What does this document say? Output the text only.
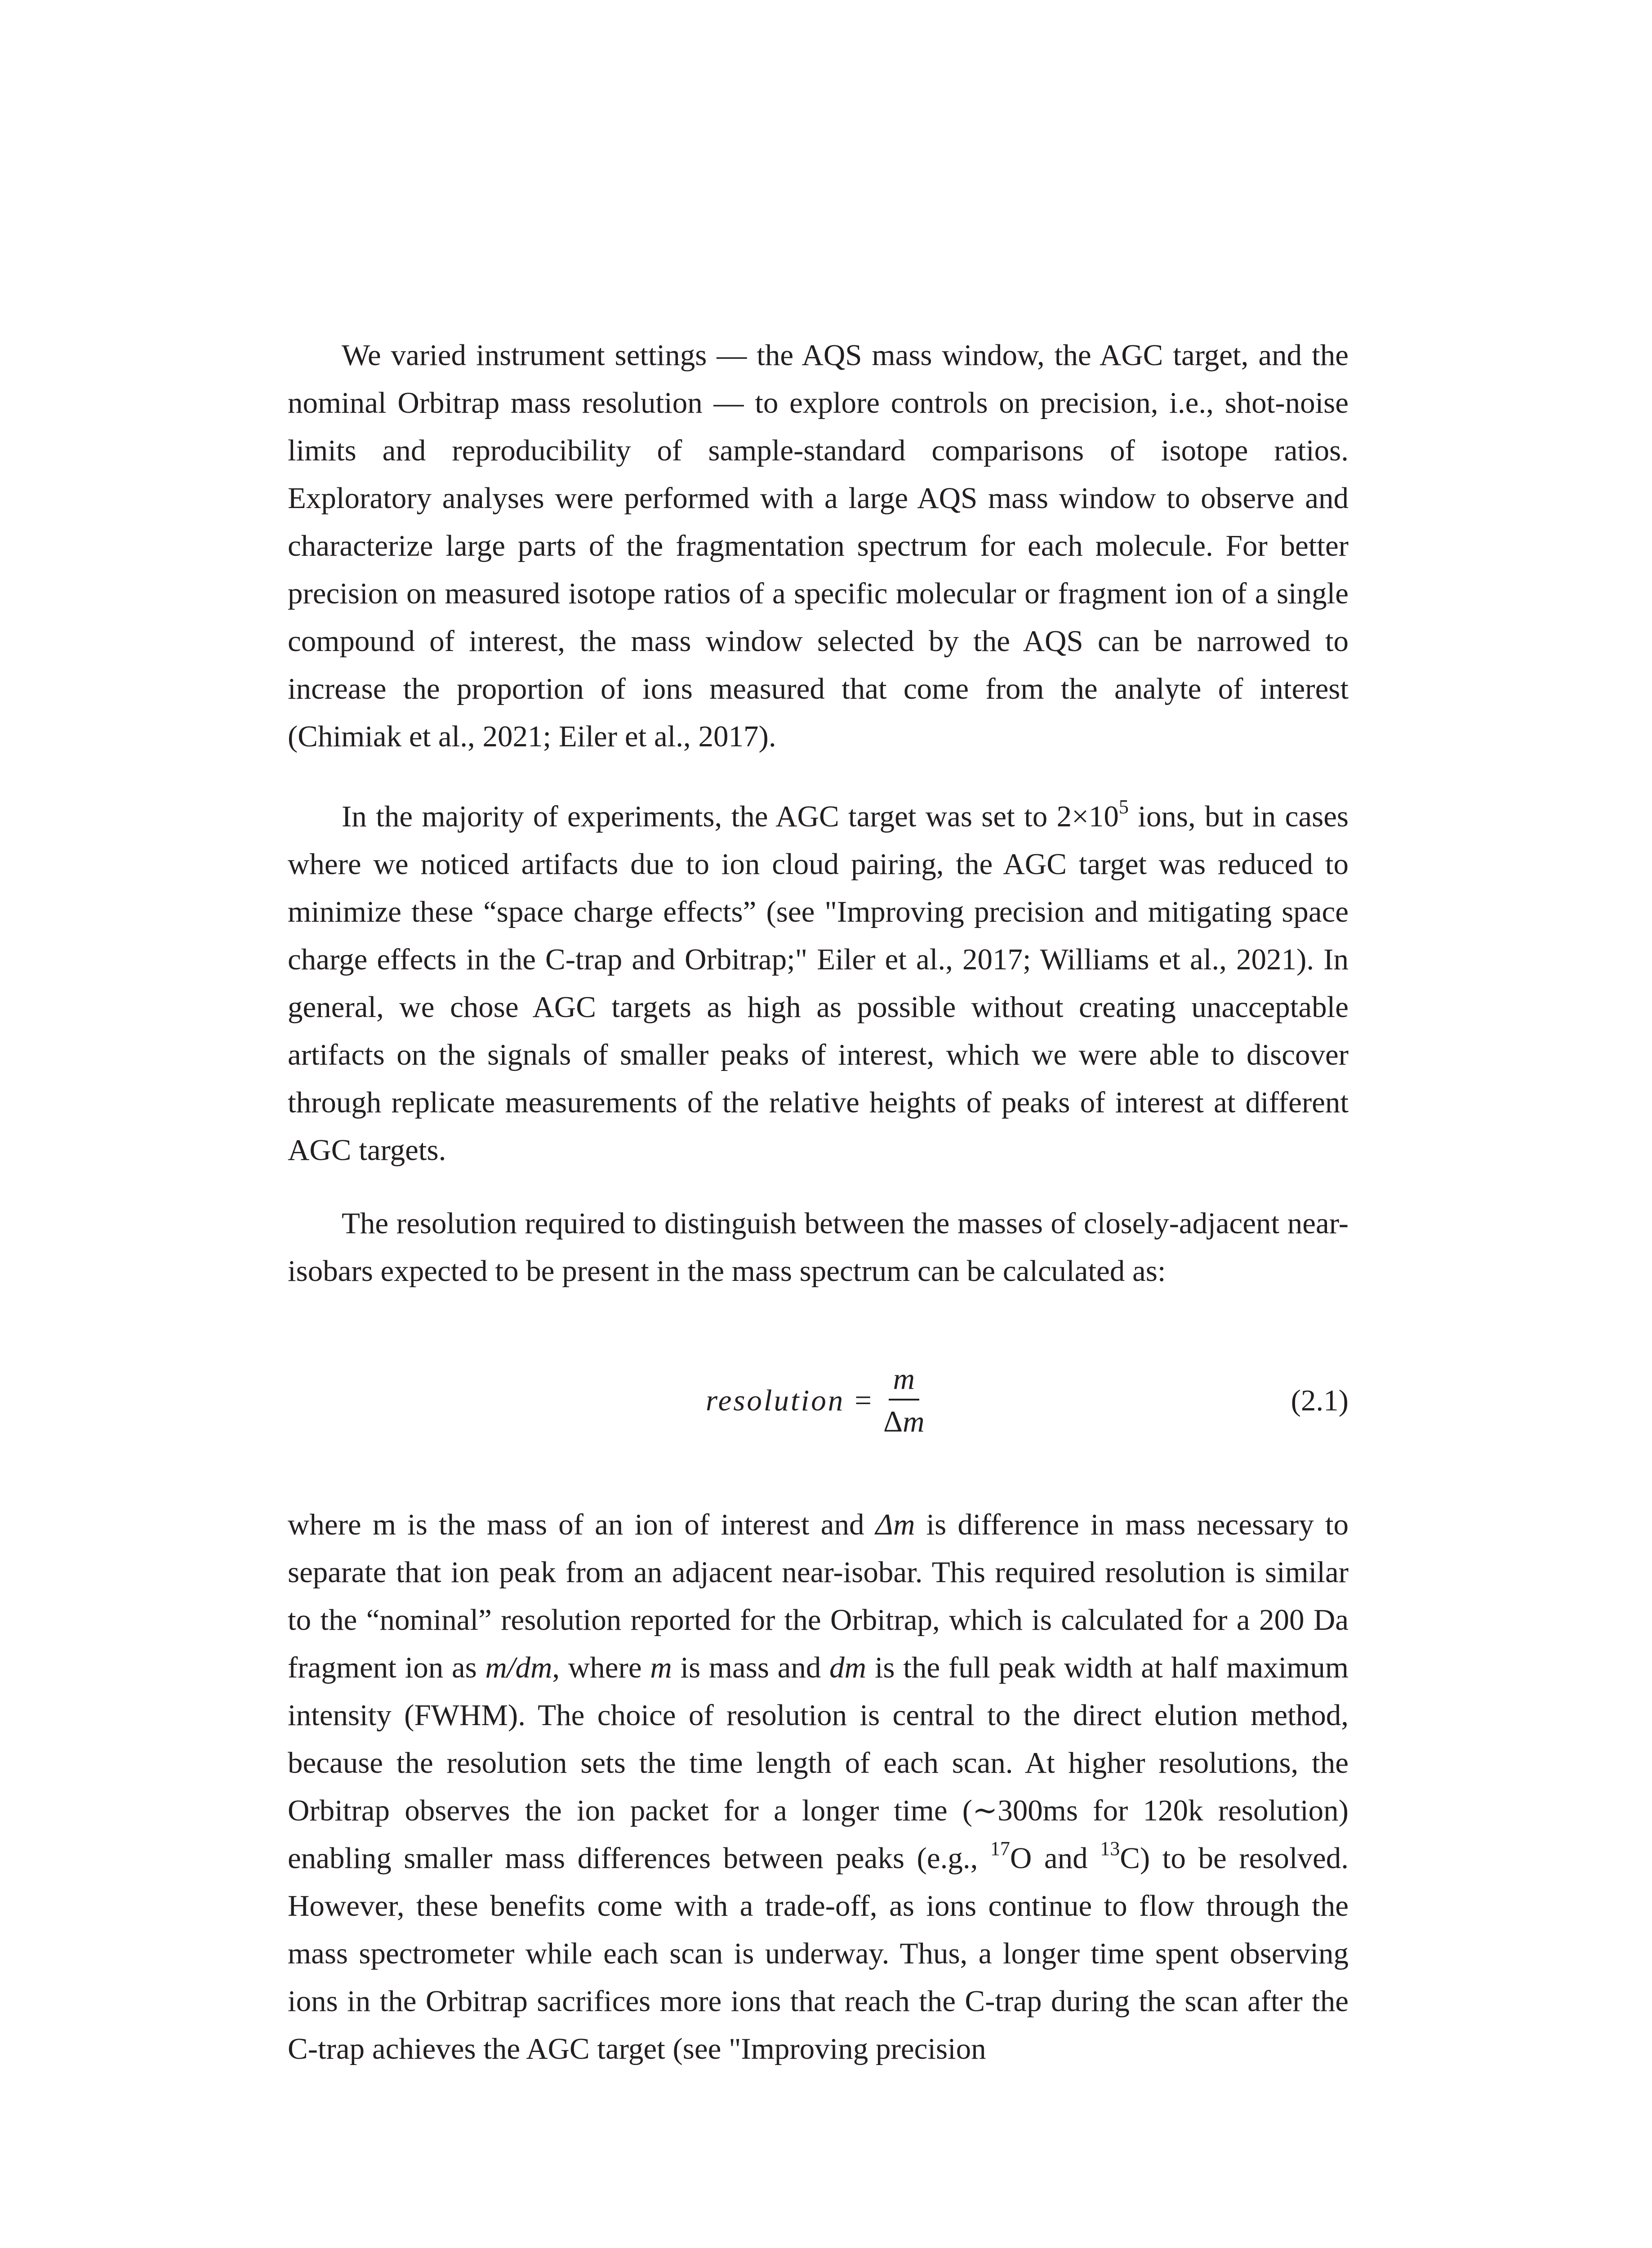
We varied instrument settings — the AQS mass window, the AGC target, and the nominal Orbitrap mass resolution — to explore controls on precision, i.e., shot-noise limits and reproducibility of sample-standard comparisons of isotope ratios. Exploratory analyses were performed with a large AQS mass window to observe and characterize large parts of the fragmentation spectrum for each molecule. For better precision on measured isotope ratios of a specific molecular or fragment ion of a single compound of interest, the mass window selected by the AQS can be narrowed to increase the proportion of ions measured that come from the analyte of interest (Chimiak et al., 2021; Eiler et al., 2017).

In the majority of experiments, the AGC target was set to $2\times 10^5$ ions, but in cases where we noticed artifacts due to ion cloud pairing, the AGC target was reduced to minimize these “space charge effects” (see "Improving precision and mitigating space charge effects in the C-trap and Orbitrap;" Eiler et al., 2017; Williams et al., 2021). In general, we chose AGC targets as high as possible without creating unacceptable artifacts on the signals of smaller peaks of interest, which we were able to discover through replicate measurements of the relative heights of peaks of interest at different AGC targets.

The resolution required to distinguish between the masses of closely-adjacent near-isobars expected to be present in the mass spectrum can be calculated as:

resolution = $\frac{m}{\Delta m}$	(2.1)

where m is the mass of an ion of interest and Δm is difference in mass necessary to separate that ion peak from an adjacent near-isobar. This required resolution is similar to the “nominal” resolution reported for the Orbitrap, which is calculated for a 200 Da fragment ion as m/dm, where m is mass and dm is the full peak width at half maximum intensity (FWHM). The choice of resolution is central to the direct elution method, because the resolution sets the time length of each scan. At higher resolutions, the Orbitrap observes the ion packet for a longer time (∼300ms for 120k resolution) enabling smaller mass differences between peaks (e.g., $^{17}$O and $^{13}$C) to be resolved. However, these benefits come with a trade-off, as ions continue to flow through the mass spectrometer while each scan is underway. Thus, a longer time spent observing ions in the Orbitrap sacrifices more ions that reach the C-trap during the scan after the C-trap achieves the AGC target (see "Improving precision
